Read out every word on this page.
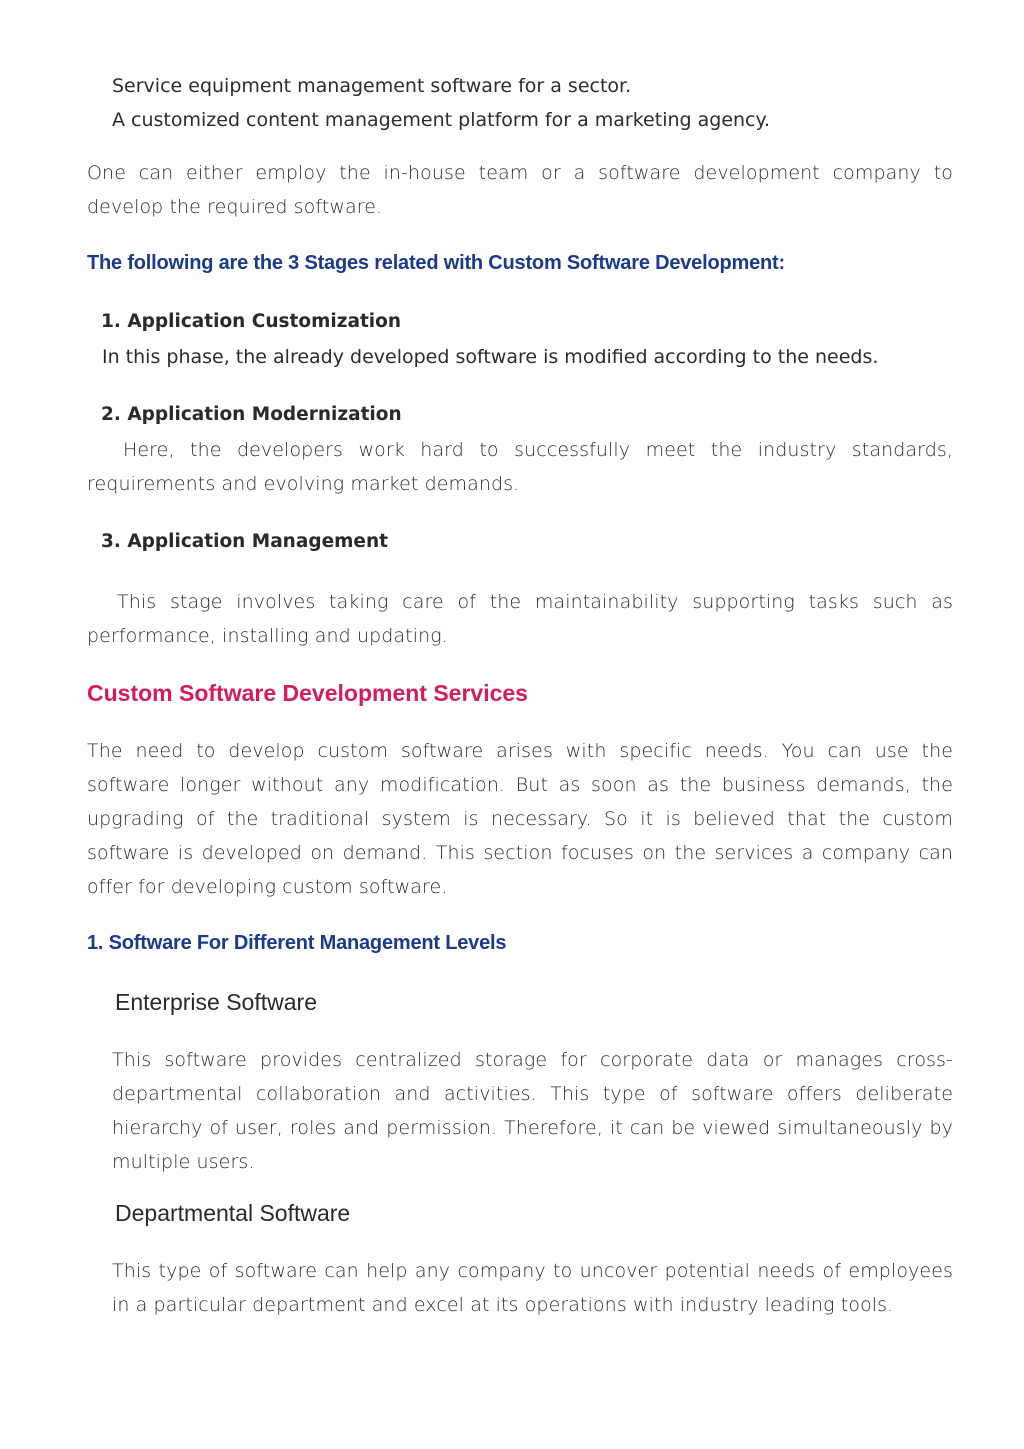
Service equipment management software for a sector.
A customized content management platform for a marketing agency.

One can either employ the in-house team or a software development company to develop the required software.

The following are the 3 Stages related with Custom Software Development:
1. Application Customization
In this phase, the already developed software is modified according to the needs.
2. Application Modernization

Here, the developers work hard to successfully meet the industry standards, requirements and evolving market demands.

3. Application Management

This stage involves taking care of the maintainability supporting tasks such as performance, installing and updating.

Custom Software Development Services

The need to develop custom software arises with specific needs. You can use the software longer without any modification. But as soon as the business demands, the upgrading of the traditional system is necessary. So it is believed that the custom software is developed on demand. This section focuses on the services a company can offer for developing custom software.

1. Software For Different Management Levels
Enterprise Software

This software provides centralized storage for corporate data or manages cross-departmental collaboration and activities. This type of software offers deliberate hierarchy of user, roles and permission. Therefore, it can be viewed simultaneously by multiple users.

Departmental Software

This type of software can help any company to uncover potential needs of employees in a particular department and excel at its operations with industry leading tools.
